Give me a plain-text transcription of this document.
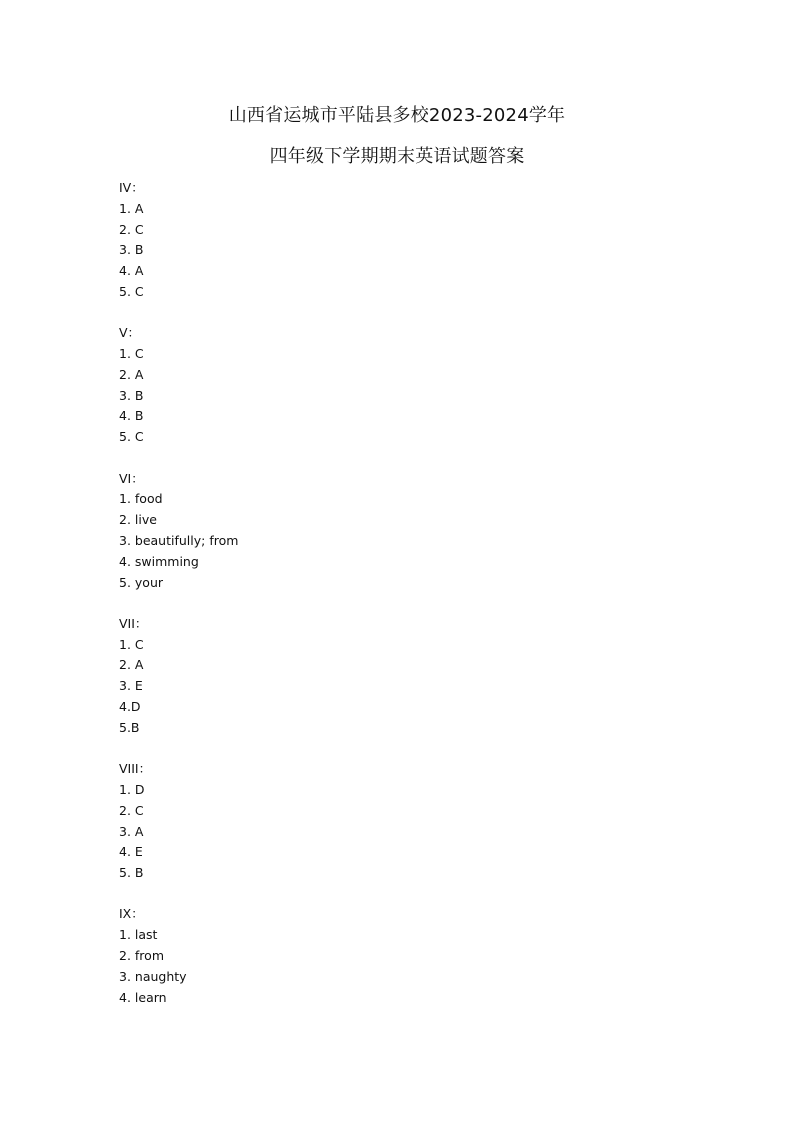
山西省运城市平陆县多校2023-2024学年
四年级下学期期末英语试题答案
IV：
1. A
2. C
3. B
4. A
5. C
V：
1. C
2. A
3. B
4. B
5. C
VI：
1. food
2. live
3. beautifully; from
4. swimming
5. your
VII：
1. C
2. A
3. E
4.D
5.B
VIII：
1. D
2. C
3. A
4. E
5. B
IX：
1. last
2. from
3. naughty
4. learn
